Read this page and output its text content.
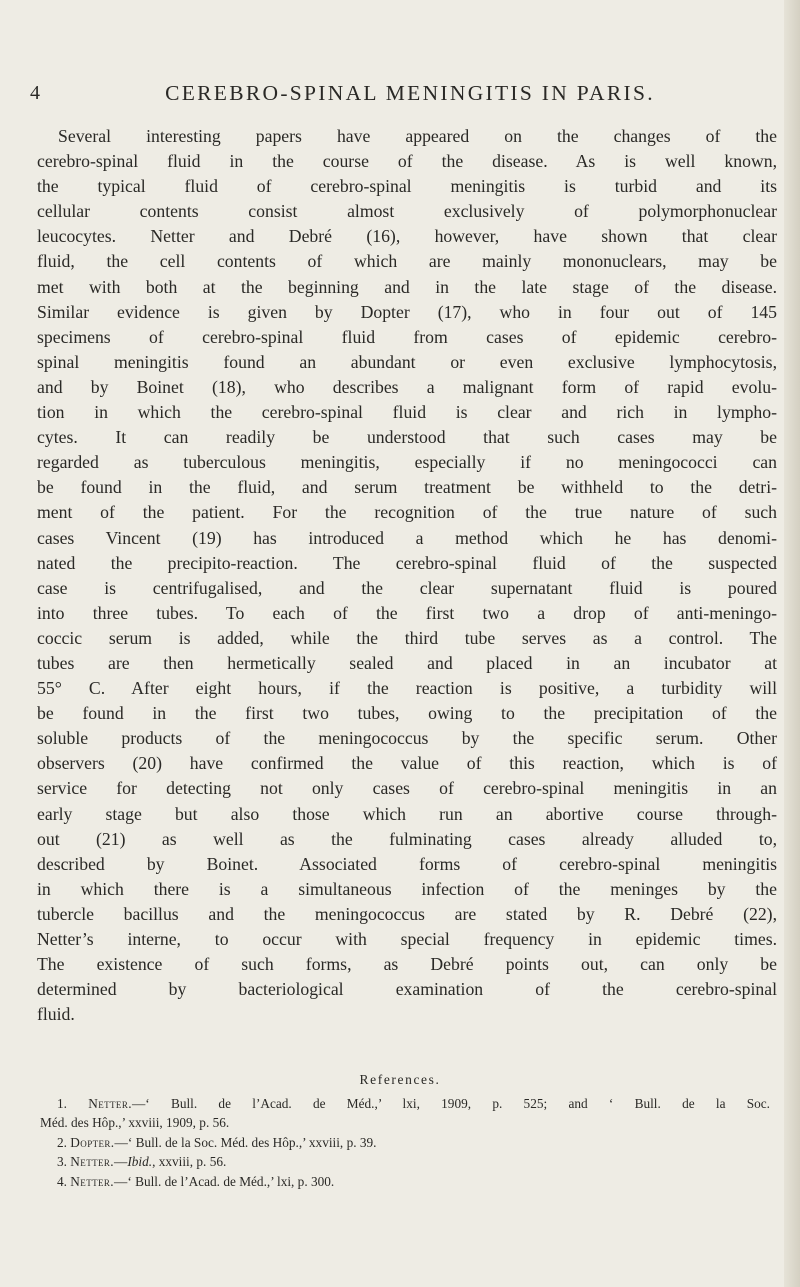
4	CEREBRO-SPINAL MENINGITIS IN PARIS.
Several interesting papers have appeared on the changes of the
cerebro-spinal fluid in the course of the disease. As is well known,
the typical fluid of cerebro-spinal meningitis is turbid and its
cellular contents consist almost exclusively of polymorphonuclear
leucocytes. Netter and Debré (16), however, have shown that clear
fluid, the cell contents of which are mainly mononuclears, may be
met with both at the beginning and in the late stage of the disease.
Similar evidence is given by Dopter (17), who in four out of 145
specimens of cerebro-spinal fluid from cases of epidemic cerebro-
spinal meningitis found an abundant or even exclusive lymphocytosis,
and by Boinet (18), who describes a malignant form of rapid evolu-
tion in which the cerebro-spinal fluid is clear and rich in lympho-
cytes. It can readily be understood that such cases may be
regarded as tuberculous meningitis, especially if no meningococci can
be found in the fluid, and serum treatment be withheld to the detri-
ment of the patient. For the recognition of the true nature of such
cases Vincent (19) has introduced a method which he has denomi-
nated the precipito-reaction. The cerebro-spinal fluid of the suspected
case is centrifugalised, and the clear supernatant fluid is poured
into three tubes. To each of the first two a drop of anti-meningo-
coccic serum is added, while the third tube serves as a control. The
tubes are then hermetically sealed and placed in an incubator at
55° C. After eight hours, if the reaction is positive, a turbidity will
be found in the first two tubes, owing to the precipitation of the
soluble products of the meningococcus by the specific serum. Other
observers (20) have confirmed the value of this reaction, which is of
service for detecting not only cases of cerebro-spinal meningitis in an
early stage but also those which run an abortive course through-
out (21) as well as the fulminating cases already alluded to,
described by Boinet. Associated forms of cerebro-spinal meningitis
in which there is a simultaneous infection of the meninges by the
tubercle bacillus and the meningococcus are stated by R. Debré (22),
Netter’s interne, to occur with special frequency in epidemic times.
The existence of such forms, as Debré points out, can only be
determined by bacteriological examination of the cerebro-spinal
fluid.
References.
1. Netter.—‘ Bull. de l’Acad. de Méd.,’ lxi, 1909, p. 525; and ‘ Bull. de la Soc.
Méd. des Hôp.,’ xxviii, 1909, p. 56.
2. Dopter.—‘ Bull. de la Soc. Méd. des Hôp.,’ xxviii, p. 39.
3. Netter.—Ibid., xxviii, p. 56.
4. Netter.—‘ Bull. de l’Acad. de Méd.,’ lxi, p. 300.
